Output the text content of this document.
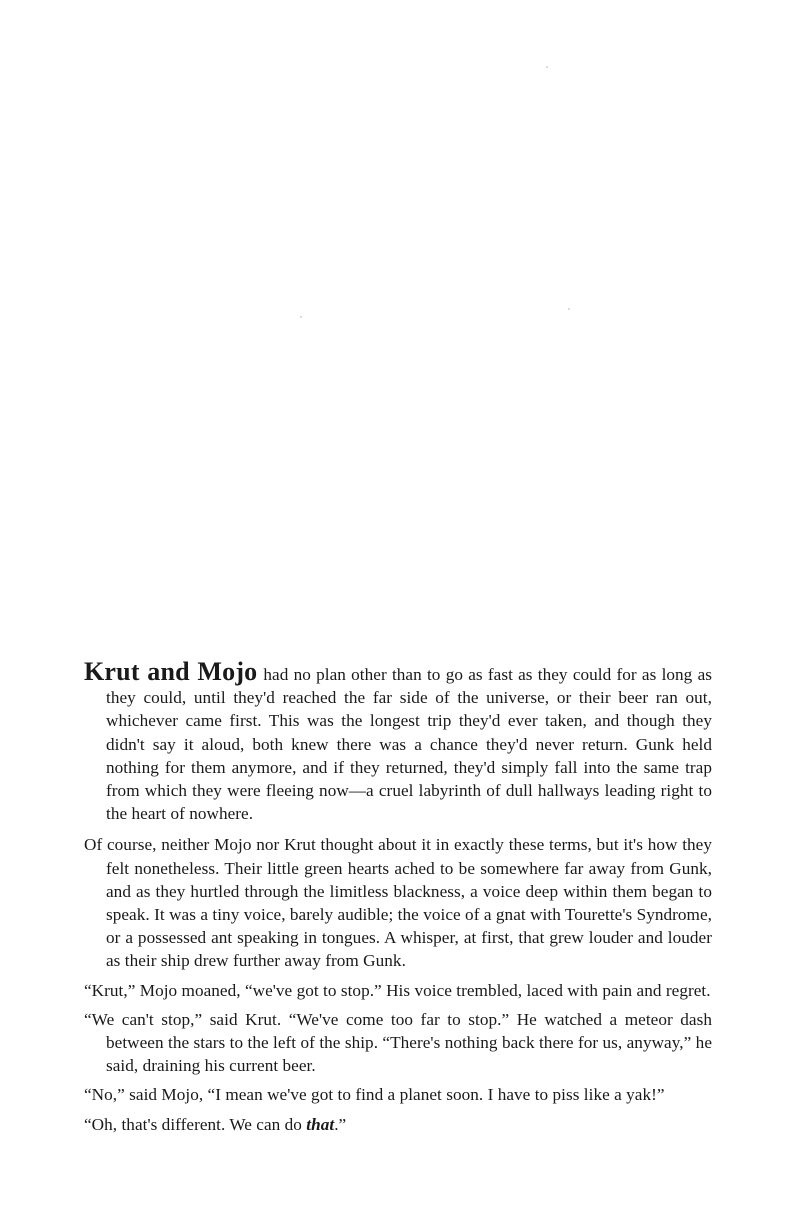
Krut and Mojo had no plan other than to go as fast as they could for as long as they could, until they'd reached the far side of the universe, or their beer ran out, whichever came first. This was the longest trip they'd ever taken, and though they didn't say it aloud, both knew there was a chance they'd never return. Gunk held nothing for them anymore, and if they returned, they'd simply fall into the same trap from which they were fleeing now—a cruel labyrinth of dull hallways leading right to the heart of nowhere.

Of course, neither Mojo nor Krut thought about it in exactly these terms, but it's how they felt nonetheless. Their little green hearts ached to be somewhere far away from Gunk, and as they hurtled through the limitless blackness, a voice deep within them began to speak. It was a tiny voice, barely audible; the voice of a gnat with Tourette's Syndrome, or a possessed ant speaking in tongues. A whisper, at first, that grew louder and louder as their ship drew further away from Gunk.

“Krut,” Mojo moaned, “we've got to stop.” His voice trembled, laced with pain and regret.

“We can't stop,” said Krut. “We've come too far to stop.” He watched a meteor dash between the stars to the left of the ship. “There's nothing back there for us, anyway,” he said, draining his current beer.

“No,” said Mojo, “I mean we've got to find a planet soon. I have to piss like a yak!”

“Oh, that's different. We can do that.”
